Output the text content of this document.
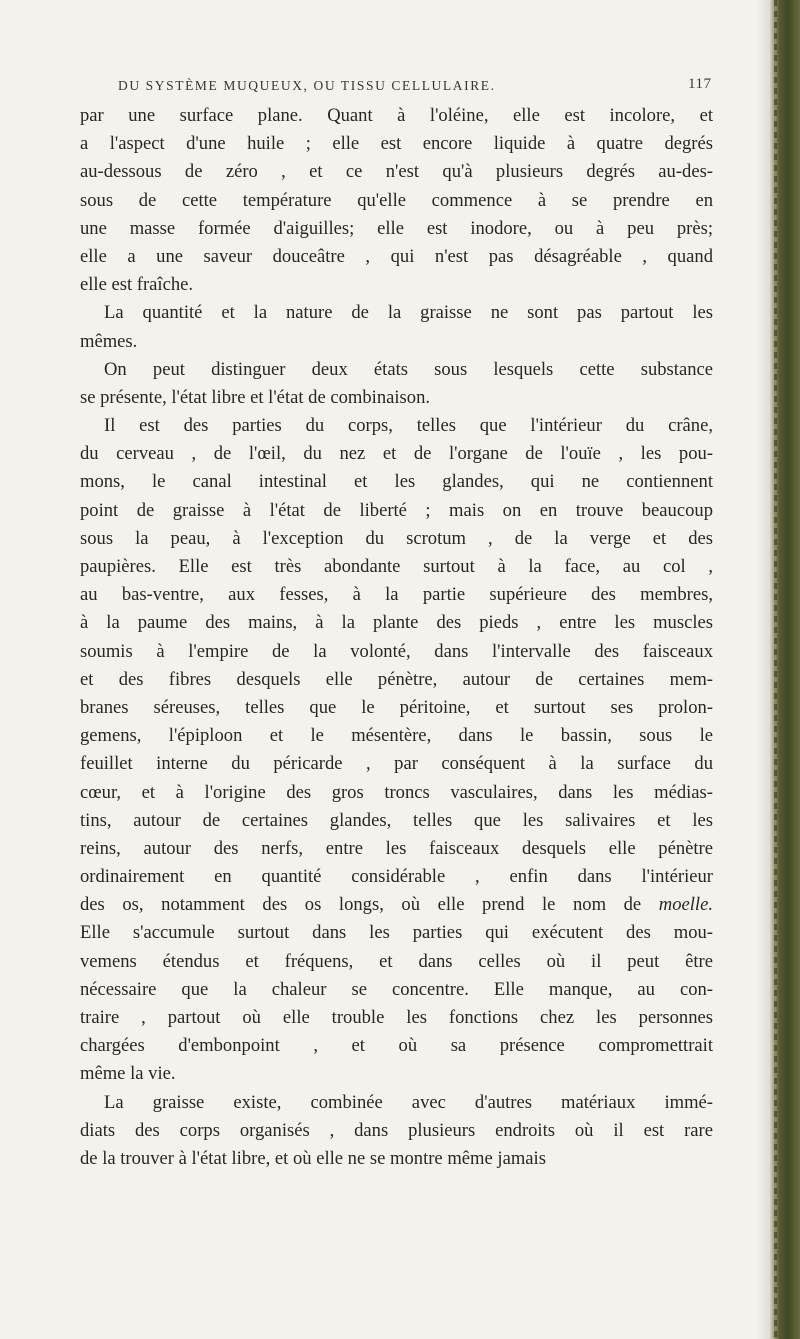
DU SYSTÈME MUQUEUX, OU TISSU CELLULAIRE.	117
par une surface plane. Quant à l'oléine, elle est incolore, et
a l'aspect d'une huile ; elle est encore liquide à quatre degrés
au-dessous de zéro , et ce n'est qu'à plusieurs degrés au-des-
sous de cette température qu'elle commence à se prendre en
une masse formée d'aiguilles; elle est inodore, ou à peu près;
elle a une saveur douceâtre , qui n'est pas désagréable , quand
elle est fraîche.
La quantité et la nature de la graisse ne sont pas partout les
mêmes.
On peut distinguer deux états sous lesquels cette substance
se présente, l'état libre et l'état de combinaison.
Il est des parties du corps, telles que l'intérieur du crâne,
du cerveau , de l'œil, du nez et de l'organe de l'ouïe , les pou-
mons, le canal intestinal et les glandes, qui ne contiennent
point de graisse à l'état de liberté ; mais on en trouve beaucoup
sous la peau, à l'exception du scrotum , de la verge et des
paupières. Elle est très abondante surtout à la face, au col ,
au bas-ventre, aux fesses, à la partie supérieure des membres,
à la paume des mains, à la plante des pieds , entre les muscles
soumis à l'empire de la volonté, dans l'intervalle des faisceaux
et des fibres desquels elle pénètre, autour de certaines mem-
branes séreuses, telles que le péritoine, et surtout ses prolon-
gemens, l'épiploon et le mésentère, dans le bassin, sous le
feuillet interne du péricarde , par conséquent à la surface du
cœur, et à l'origine des gros troncs vasculaires, dans les médias-
tins, autour de certaines glandes, telles que les salivaires et les
reins, autour des nerfs, entre les faisceaux desquels elle pénètre
ordinairement en quantité considérable , enfin dans l'intérieur
des os, notamment des os longs, où elle prend le nom de moelle.
Elle s'accumule surtout dans les parties qui exécutent des mou-
vemens étendus et fréquens, et dans celles où il peut être
nécessaire que la chaleur se concentre. Elle manque, au con-
traire , partout où elle trouble les fonctions chez les personnes
chargées d'embonpoint , et où sa présence compromettrait
même la vie.
La graisse existe, combinée avec d'autres matériaux immé-
diats des corps organisés , dans plusieurs endroits où il est rare
de la trouver à l'état libre, et où elle ne se montre même jamais
